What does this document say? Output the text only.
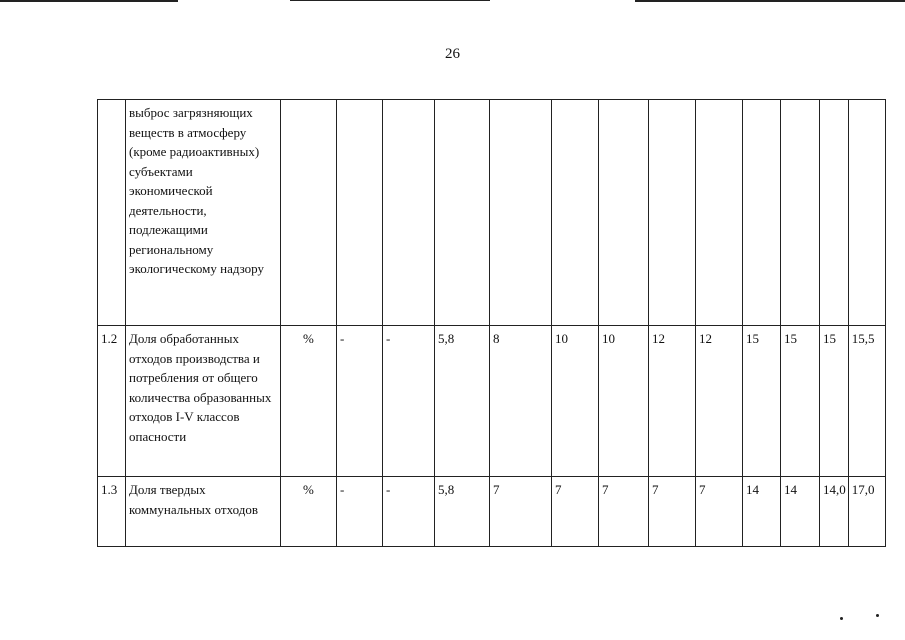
26
	выброс загрязняющих веществ в атмосферу (кроме радиоактивных) субъектами экономической деятельности, подлежащими региональному экологическому надзору													
1.2	Доля обработанных отходов производства и потребления от общего количества образованных отходов I-V классов опасности	%	-	-	5,8	8	10	10	12	12	15	15	15	15,5
1.3	Доля твердых коммунальных отходов	%	-	-	5,8	7	7	7	7	7	14	14	14,0	17,0
